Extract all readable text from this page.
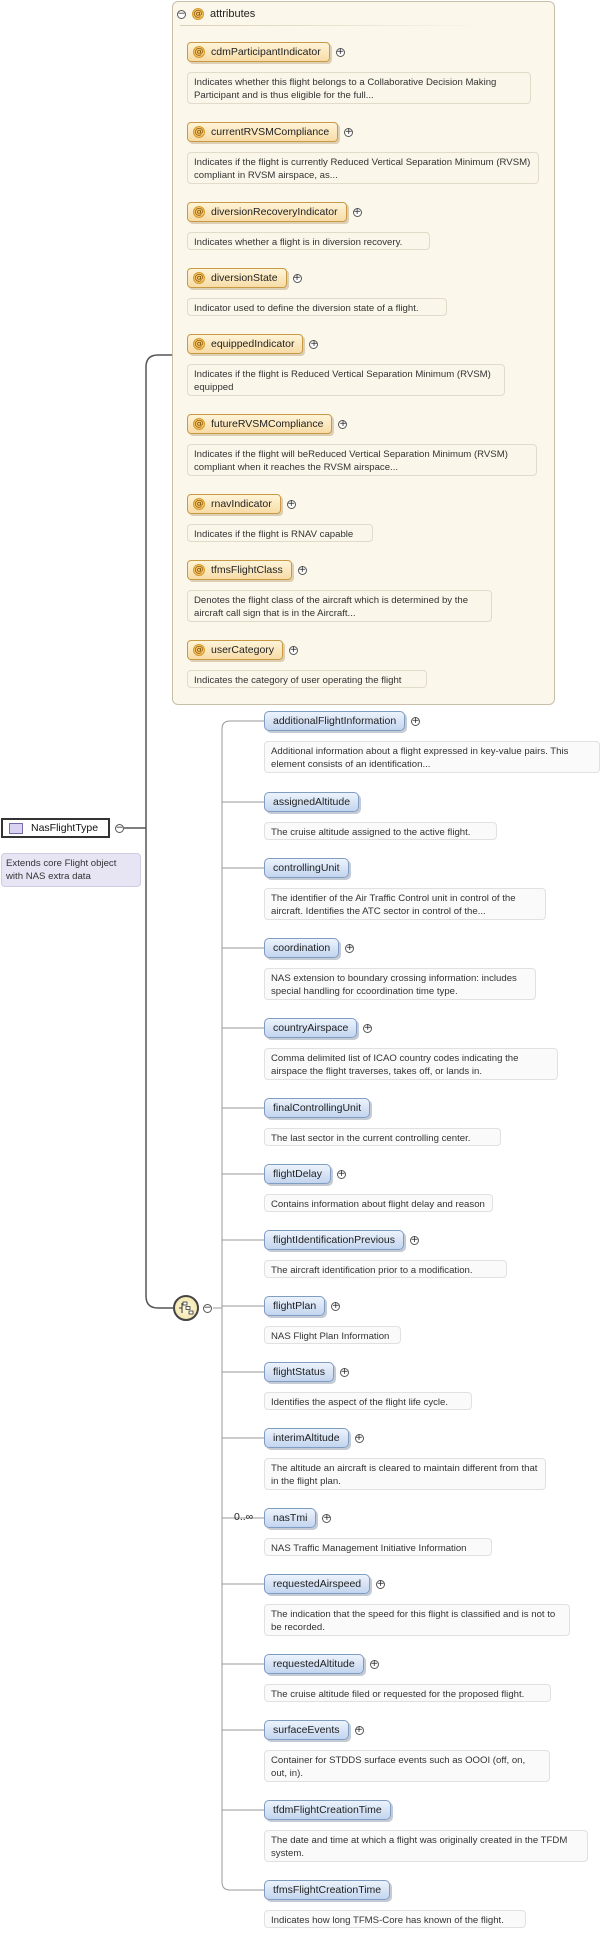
− @ attributes
@ cdmParticipantIndicator +
Indicates whether this flight belongs to a Collaborative Decision Making Participant and is thus eligible for the full...
@ currentRVSMCompliance +
Indicates if the flight is currently Reduced Vertical Separation Minimum (RVSM) compliant in RVSM airspace, as...
@ diversionRecoveryIndicator +
Indicates whether a flight is in diversion recovery.
@ diversionState +
Indicator used to define the diversion state of a flight.
@ equippedIndicator +
Indicates if the flight is Reduced Vertical Separation Minimum (RVSM) equipped
@ futureRVSMCompliance +
Indicates if the flight will beReduced Vertical Separation Minimum (RVSM) compliant when it reaches the RVSM airspace...
@ rnavIndicator +
Indicates if the flight is RNAV capable
@ tfmsFlightClass +
Denotes the flight class of the aircraft which is determined by the aircraft call sign that is in the Aircraft...
@ userCategory +
Indicates the category of user operating the flight
NasFlightType −
Extends core Flight object with NAS extra data
−
additionalFlightInformation +
Additional information about a flight expressed in key-value pairs. This element consists of an identification...
assignedAltitude
The cruise altitude assigned to the active flight.
controllingUnit
The identifier of the Air Traffic Control unit in control of the aircraft. Identifies the ATC sector in control of the...
coordination +
NAS extension to boundary crossing information: includes special handling for ccoordination time type.
countryAirspace +
Comma delimited list of ICAO country codes indicating the airspace the flight traverses, takes off, or lands in.
finalControllingUnit
The last sector in the current controlling center.
flightDelay +
Contains information about flight delay and reason
flightIdentificationPrevious +
The aircraft identification prior to a modification.
flightPlan +
NAS Flight Plan Information
flightStatus +
Identifies the aspect of the flight life cycle.
interimAltitude +
The altitude an aircraft is cleared to maintain different from that in the flight plan.
nasTmi +
0..∞
NAS Traffic Management Initiative Information
requestedAirspeed +
The indication that the speed for this flight is classified and is not to be recorded.
requestedAltitude +
The cruise altitude filed or requested for the proposed flight.
surfaceEvents +
Container for STDDS surface events such as OOOI (off, on, out, in).
tfdmFlightCreationTime
The date and time at which a flight was originally created in the TFDM system.
tfmsFlightCreationTime
Indicates how long TFMS-Core has known of the flight.
